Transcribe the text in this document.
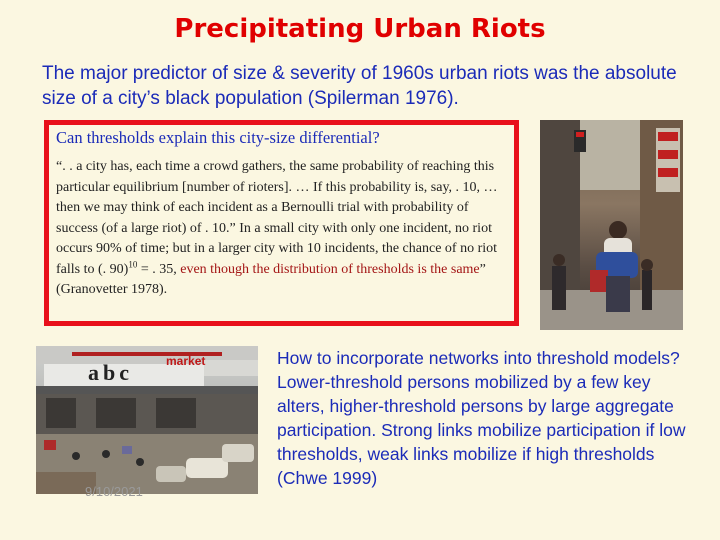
Precipitating Urban Riots
The major predictor of size & severity of 1960s urban riots was the absolute size of a city’s black population (Spilerman 1976).

Can thresholds explain this city-size differential?

“. . a city has, each time a crowd gathers, the same probability of reaching this particular equilibrium [number of rioters]. … If this probability is, say, . 10, … then we may think of each incident as a Bernoulli trial with probability of success (of a large riot) of . 10.” In a small city with only one incident, no riot occurs 90% of time; but in a larger city with 10 incidents, the chance of no riot falls to (. 90)$^{10}$ = . 35, even though the distribution of thresholds is the same” (Granovetter 1978).

abc	market	How to incorporate networks into threshold models? Lower-threshold persons mobilized by a few key alters, higher-threshold persons by large aggregate participation. Strong links mobilize participation if low thresholds, weak links mobilize if high thresholds (Chwe 1999)
9/10/2021
